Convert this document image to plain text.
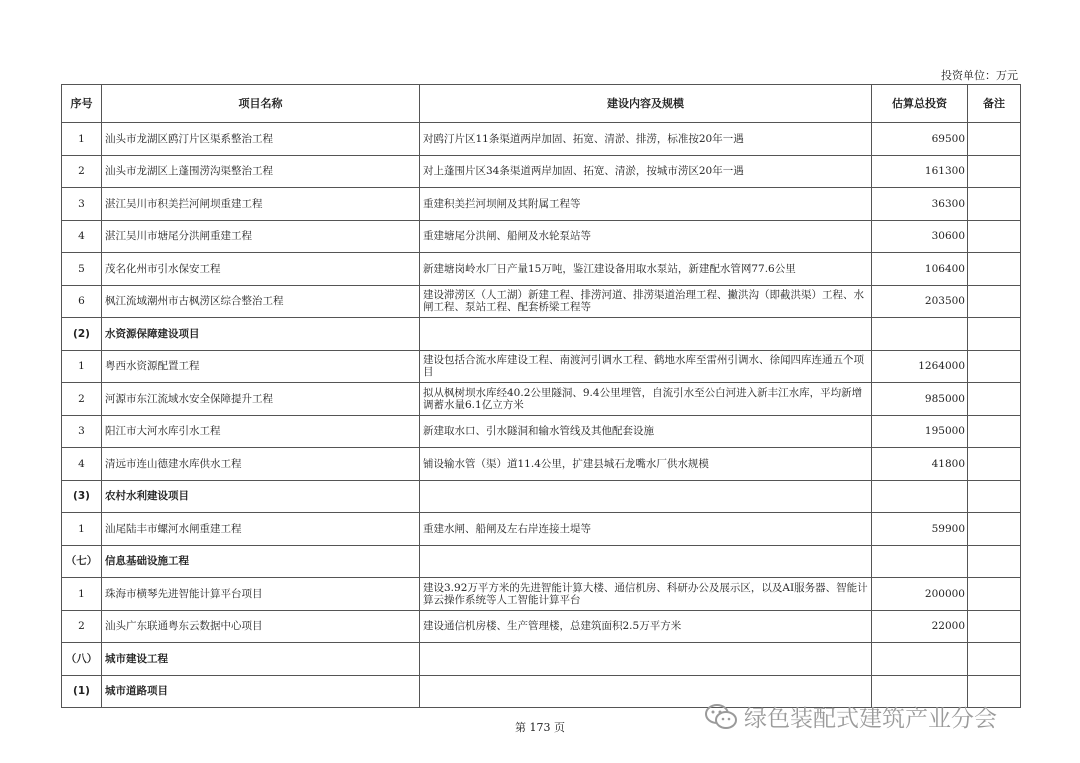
投资单位：万元
序号	项目名称	建设内容及规模	估算总投资	备注
1	汕头市龙湖区鸥汀片区渠系整治工程	对鸥汀片区11条渠道两岸加固、拓宽、清淤、排涝，标准按20年一遇	69500	
2	汕头市龙湖区上蓬围涝沟渠整治工程	对上蓬围片区34条渠道两岸加固、拓宽、清淤，按城市涝区20年一遇	161300	
3	湛江吴川市积美拦河闸坝重建工程	重建积美拦河坝闸及其附属工程等	36300	
4	湛江吴川市塘尾分洪闸重建工程	重建塘尾分洪闸、船闸及水轮泵站等	30600	
5	茂名化州市引水保安工程	新建塘岗岭水厂日产量15万吨，鉴江建设备用取水泵站，新建配水管网77.6公里	106400	
6	枫江流域潮州市古枫涝区综合整治工程	建设滞涝区（人工湖）新建工程、排涝河道、排涝渠道治理工程、撇洪沟（即截洪渠）工程、水闸工程、泵站工程、配套桥梁工程等	203500	
(2)	水资源保障建设项目			
1	粤西水资源配置工程	建设包括合流水库建设工程、南渡河引调水工程、鹤地水库至雷州引调水、徐闻四库连通五个项目	1264000	
2	河源市东江流域水安全保障提升工程	拟从枫树坝水库经40.2公里隧洞、9.4公里埋管，自流引水至公白河进入新丰江水库，平均新增调蓄水量6.1亿立方米	985000	
3	阳江市大河水库引水工程	新建取水口、引水隧洞和输水管线及其他配套设施	195000	
4	清远市连山德建水库供水工程	铺设输水管（渠）道11.4公里，扩建县城石龙嘴水厂供水规模	41800	
(3)	农村水利建设项目			
1	汕尾陆丰市螺河水闸重建工程	重建水闸、船闸及左右岸连接土堤等	59900	
（七）	信息基础设施工程			
1	珠海市横琴先进智能计算平台项目	建设3.92万平方米的先进智能计算大楼、通信机房、科研办公及展示区，以及AI服务器、智能计算云操作系统等人工智能计算平台	200000	
2	汕头广东联通粤东云数据中心项目	建设通信机房楼、生产管理楼，总建筑面积2.5万平方米	22000	
（八）	城市建设工程			
(1)	城市道路项目			
第 173 页	绿色装配式建筑产业分会
